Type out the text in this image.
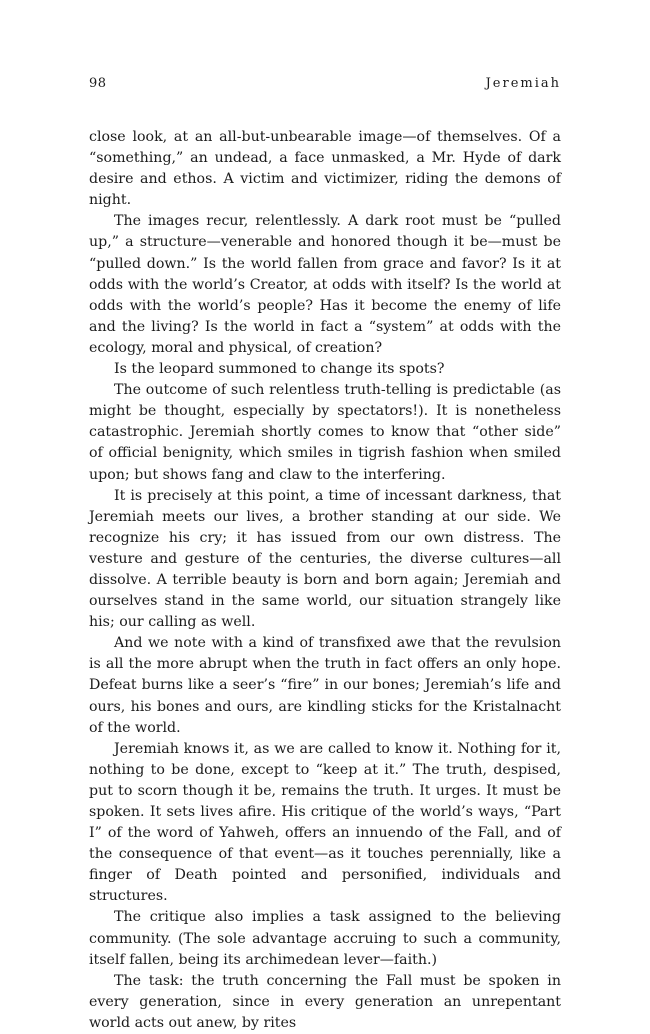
98	Jeremiah

close look, at an all-but-unbearable image—of themselves. Of a “something,” an undead, a face unmasked, a Mr. Hyde of dark desire and ethos. A victim and victimizer, riding the demons of night.

The images recur, relentlessly. A dark root must be “pulled up,” a structure—venerable and honored though it be—must be “pulled down.” Is the world fallen from grace and favor? Is it at odds with the world’s Creator, at odds with itself? Is the world at odds with the world’s people? Has it become the enemy of life and the living? Is the world in fact a “system” at odds with the ecology, moral and physical, of creation?

Is the leopard summoned to change its spots?

The outcome of such relentless truth-telling is predictable (as might be thought, especially by spectators!). It is nonetheless catastrophic. Jeremiah shortly comes to know that “other side” of official benignity, which smiles in tigrish fashion when smiled upon; but shows fang and claw to the interfering.

It is precisely at this point, a time of incessant darkness, that Jeremiah meets our lives, a brother standing at our side. We recognize his cry; it has issued from our own distress. The vesture and gesture of the centuries, the diverse cultures—all dissolve. A terrible beauty is born and born again; Jeremiah and ourselves stand in the same world, our situation strangely like his; our calling as well.

And we note with a kind of transfixed awe that the revulsion is all the more abrupt when the truth in fact offers an only hope. Defeat burns like a seer’s “fire” in our bones; Jeremiah’s life and ours, his bones and ours, are kindling sticks for the Kristalnacht of the world.

Jeremiah knows it, as we are called to know it. Nothing for it, nothing to be done, except to “keep at it.” The truth, despised, put to scorn though it be, remains the truth. It urges. It must be spoken. It sets lives afire. His critique of the world’s ways, “Part I” of the word of Yahweh, offers an innuendo of the Fall, and of the consequence of that event—as it touches perennially, like a finger of Death pointed and personified, individuals and structures.

The critique also implies a task assigned to the believing community. (The sole advantage accruing to such a community, itself fallen, being its archimedean lever—faith.)

The task: the truth concerning the Fall must be spoken in every generation, since in every generation an unrepentant world acts out anew, by rites
